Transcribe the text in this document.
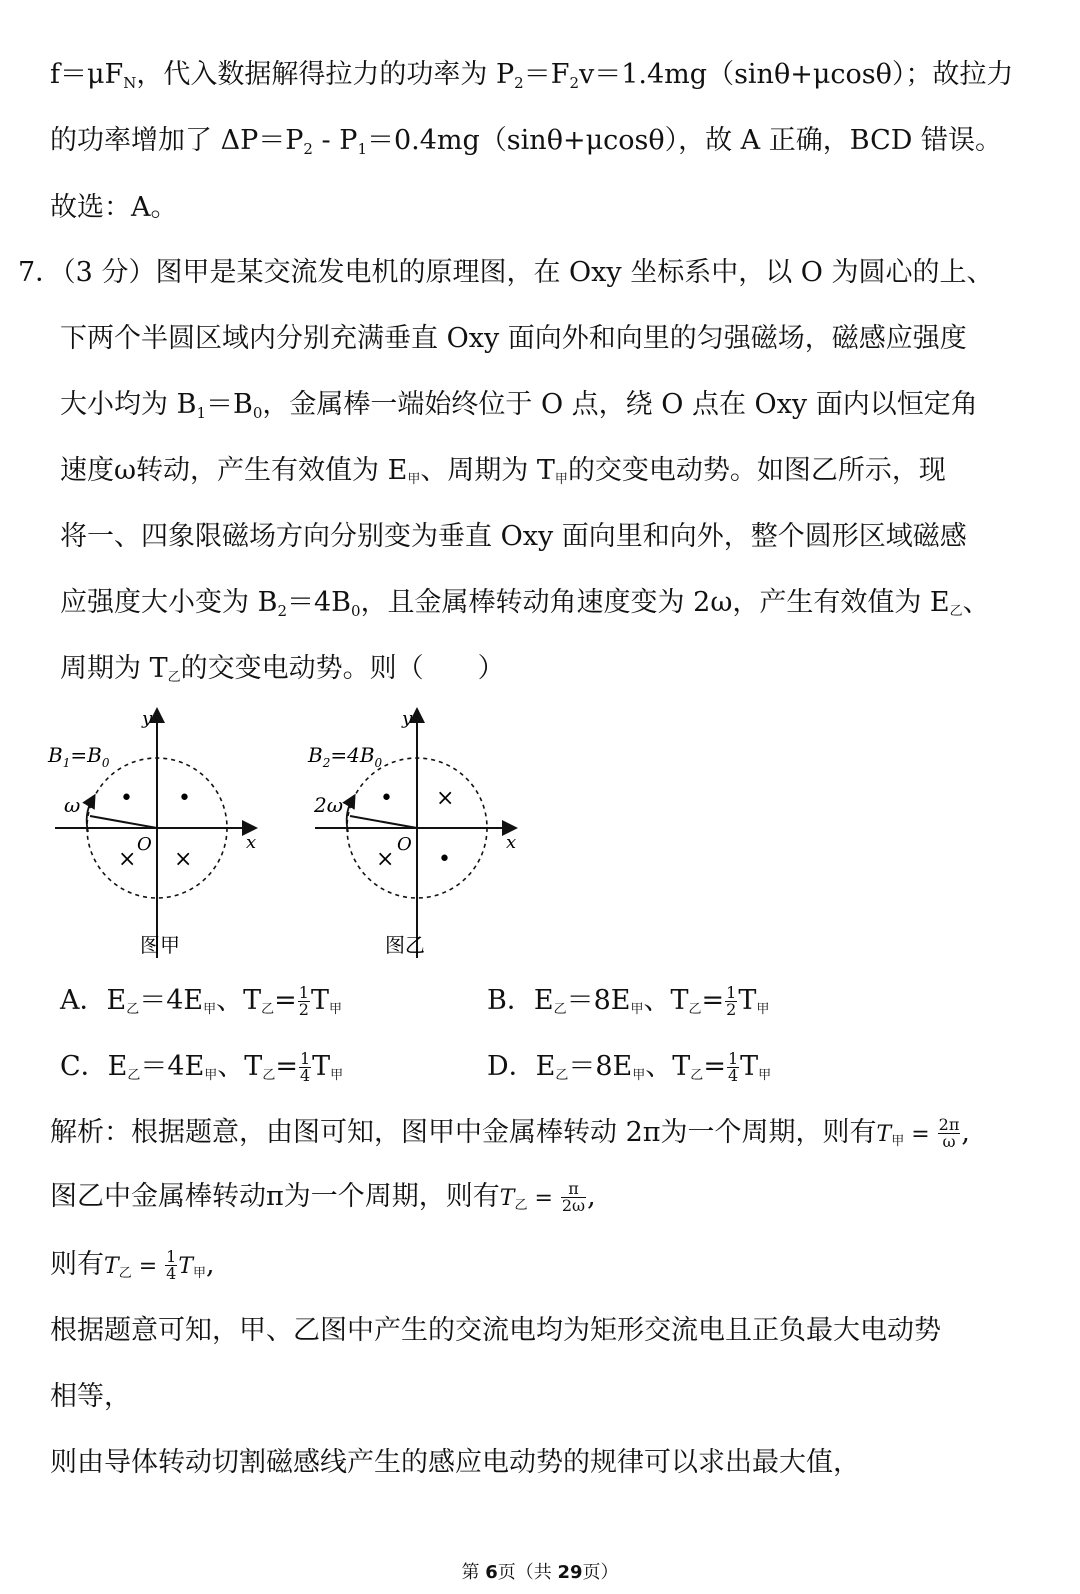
$f=\mu F_N$，代入数据解得拉力的功率为 $P_2=F_2v=1.4mg(\sin\theta+\mu\cos\theta)$；故拉力
的功率增加了 $\Delta P=P_2 - P_1=0.4mg(\sin\theta+\mu\cos\theta)$，故 A 正确，BCD 错误。
故选：A。
7．（3 分）图甲是某交流发电机的原理图，在 Oxy 坐标系中，以 O 为圆心的上、
下两个半圆区域内分别充满垂直 Oxy 面向外和向里的匀强磁场，磁感应强度
大小均为 $B_1=B_0$，金属棒一端始终位于 O 点，绕 O 点在 Oxy 面内以恒定角
速度ω转动，产生有效值为 E甲、周期为 T甲的交变电动势。如图乙所示，现
将一、四象限磁场方向分别变为垂直 Oxy 面向里和向外，整个圆形区域磁感
应强度大小变为 $B_2=4B_0$，且金属棒转动角速度变为 2ω，产生有效值为 E乙、
周期为 T乙的交变电动势。则（　　）
y
x
O
ω
$B_1=B_0$
• •
× ×
图甲
y
x
O
2ω
$B_2=4B_0$
• ×
× •
图乙
A．E乙＝4E甲、T乙= $\frac{1}{2}$ T甲	B．E乙＝8E甲、T乙= $\frac{1}{2}$ T甲
C．E乙＝4E甲、T乙= $\frac{1}{4}$ T甲	D．E乙＝8E甲、T乙= $\frac{1}{4}$ T甲
解析：根据题意，由图可知，图甲中金属棒转动 2π为一个周期，则有T甲 = $\frac{2\pi}{\omega}$ ,
图乙中金属棒转动π为一个周期，则有T乙 = $\frac{\pi}{2\omega}$ ,
则有T乙 = $\frac{1}{4}$ T甲,
根据题意可知，甲、乙图中产生的交流电均为矩形交流电且正负最大电动势
相等，
则由导体转动切割磁感线产生的感应电动势的规律可以求出最大值，
第 6页（共 29页）
